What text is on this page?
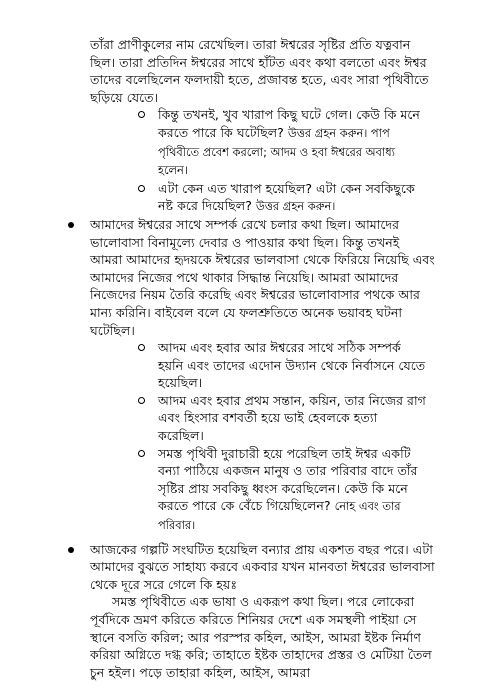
তাঁরা প্রাণীকুলের নাম রেখেছিল। তারা ঈশ্বরের সৃষ্টির প্রতি যত্নবান ছিল। তারা প্রতিদিন ঈশ্বরের সাথে হাঁটত এবং কথা বলতো এবং ঈশ্বর তাদের বলেছিলেন ফলদায়ী হতে, প্রজাবন্ত হতে, এবং সারা পৃথিবীতে ছড়িয়ে যেতে।
কিন্তু তখনই, খুব খারাপ কিছু ঘটে গেল। কেউ কি মনে করতে পারে কি ঘটেছিল? উত্তর গ্রহন করুন। পাপ পৃথিবীতে প্রবেশ করলো; আদম ও হবা ঈশ্বরের অবাধ্য হলেন।
এটা কেন এত খারাপ হয়েছিল? এটা কেন সবকিছুকে নষ্ট করে দিয়েছিল? উত্তর গ্রহন করুন।
আমাদের ঈশ্বরের সাথে সম্পর্ক রেখে চলার কথা ছিল। আমাদের ভালোবাসা বিনামূল্যে দেবার ও পাওয়ার কথা ছিল। কিন্তু তখনই আমরা আমাদের হৃদয়কে ঈশ্বরের ভালবাসা থেকে ফিরিয়ে নিয়েছি এবং আমাদের নিজের পথে থাকার সিদ্ধান্ত নিয়েছি। আমরা আমাদের নিজেদের নিয়ম তৈরি করেছি এবং ঈশ্বরের ভালোবাসার পথকে আর মান্য করিনি। বাইবেল বলে যে ফলশ্রুতিতে অনেক ভয়াবহ ঘটনা ঘটেছিল।
আদম এবং হবার আর ঈশ্বরের সাথে সঠিক সম্পর্ক হয়নি এবং তাদের এদোন উদ্যান থেকে নির্বাসনে যেতে হয়েছিল।
আদম এবং হবার প্রথম সন্তান, কয়িন, তার নিজের রাগ এবং হিংসার বশবর্তী হয়ে ভাই হেবলকে হত্যা করেছিল।
সমস্ত পৃথিবী দুরাচারী হয়ে পরেছিল তাই ঈশ্বর একটি বন্যা পাঠিয়ে একজন মানুষ ও তার পরিবার বাদে তাঁর সৃষ্টির প্রায় সবকিছু ধ্বংস করেছিলেন। কেউ কি মনে করতে পারে কে বেঁচে গিয়েছিলেন? নোহ এবং তার পরিবার।
আজকের গল্পটি সংঘটিত হয়েছিল বন্যার প্রায় একশত বছর পরে। এটা আমাদের বুঝতে সাহায্য করবে একবার যখন মানবতা ঈশ্বরের ভালবাসা থেকে দূরে সরে গেলে কি হয়ঃ
সমস্ত পৃথিবীতে এক ভাষা ও একরূপ কথা ছিল। পরে লোকেরা পূর্বদিকে ভ্রমণ করিতে করিতে শিনিয়র দেশে এক সমস্থলী পাইয়া সে স্থানে বসতি করিল; আর পরস্পর কহিল, আইস, আমরা ইষ্টক নির্মাণ করিয়া অগ্নিতে দগ্ধ করি; তাহাতে ইষ্টক তাহাদের প্রস্তর ও মেটিয়া তৈল চুন হইল। পড়ে তাহারা কহিল, আইস, আমরা
